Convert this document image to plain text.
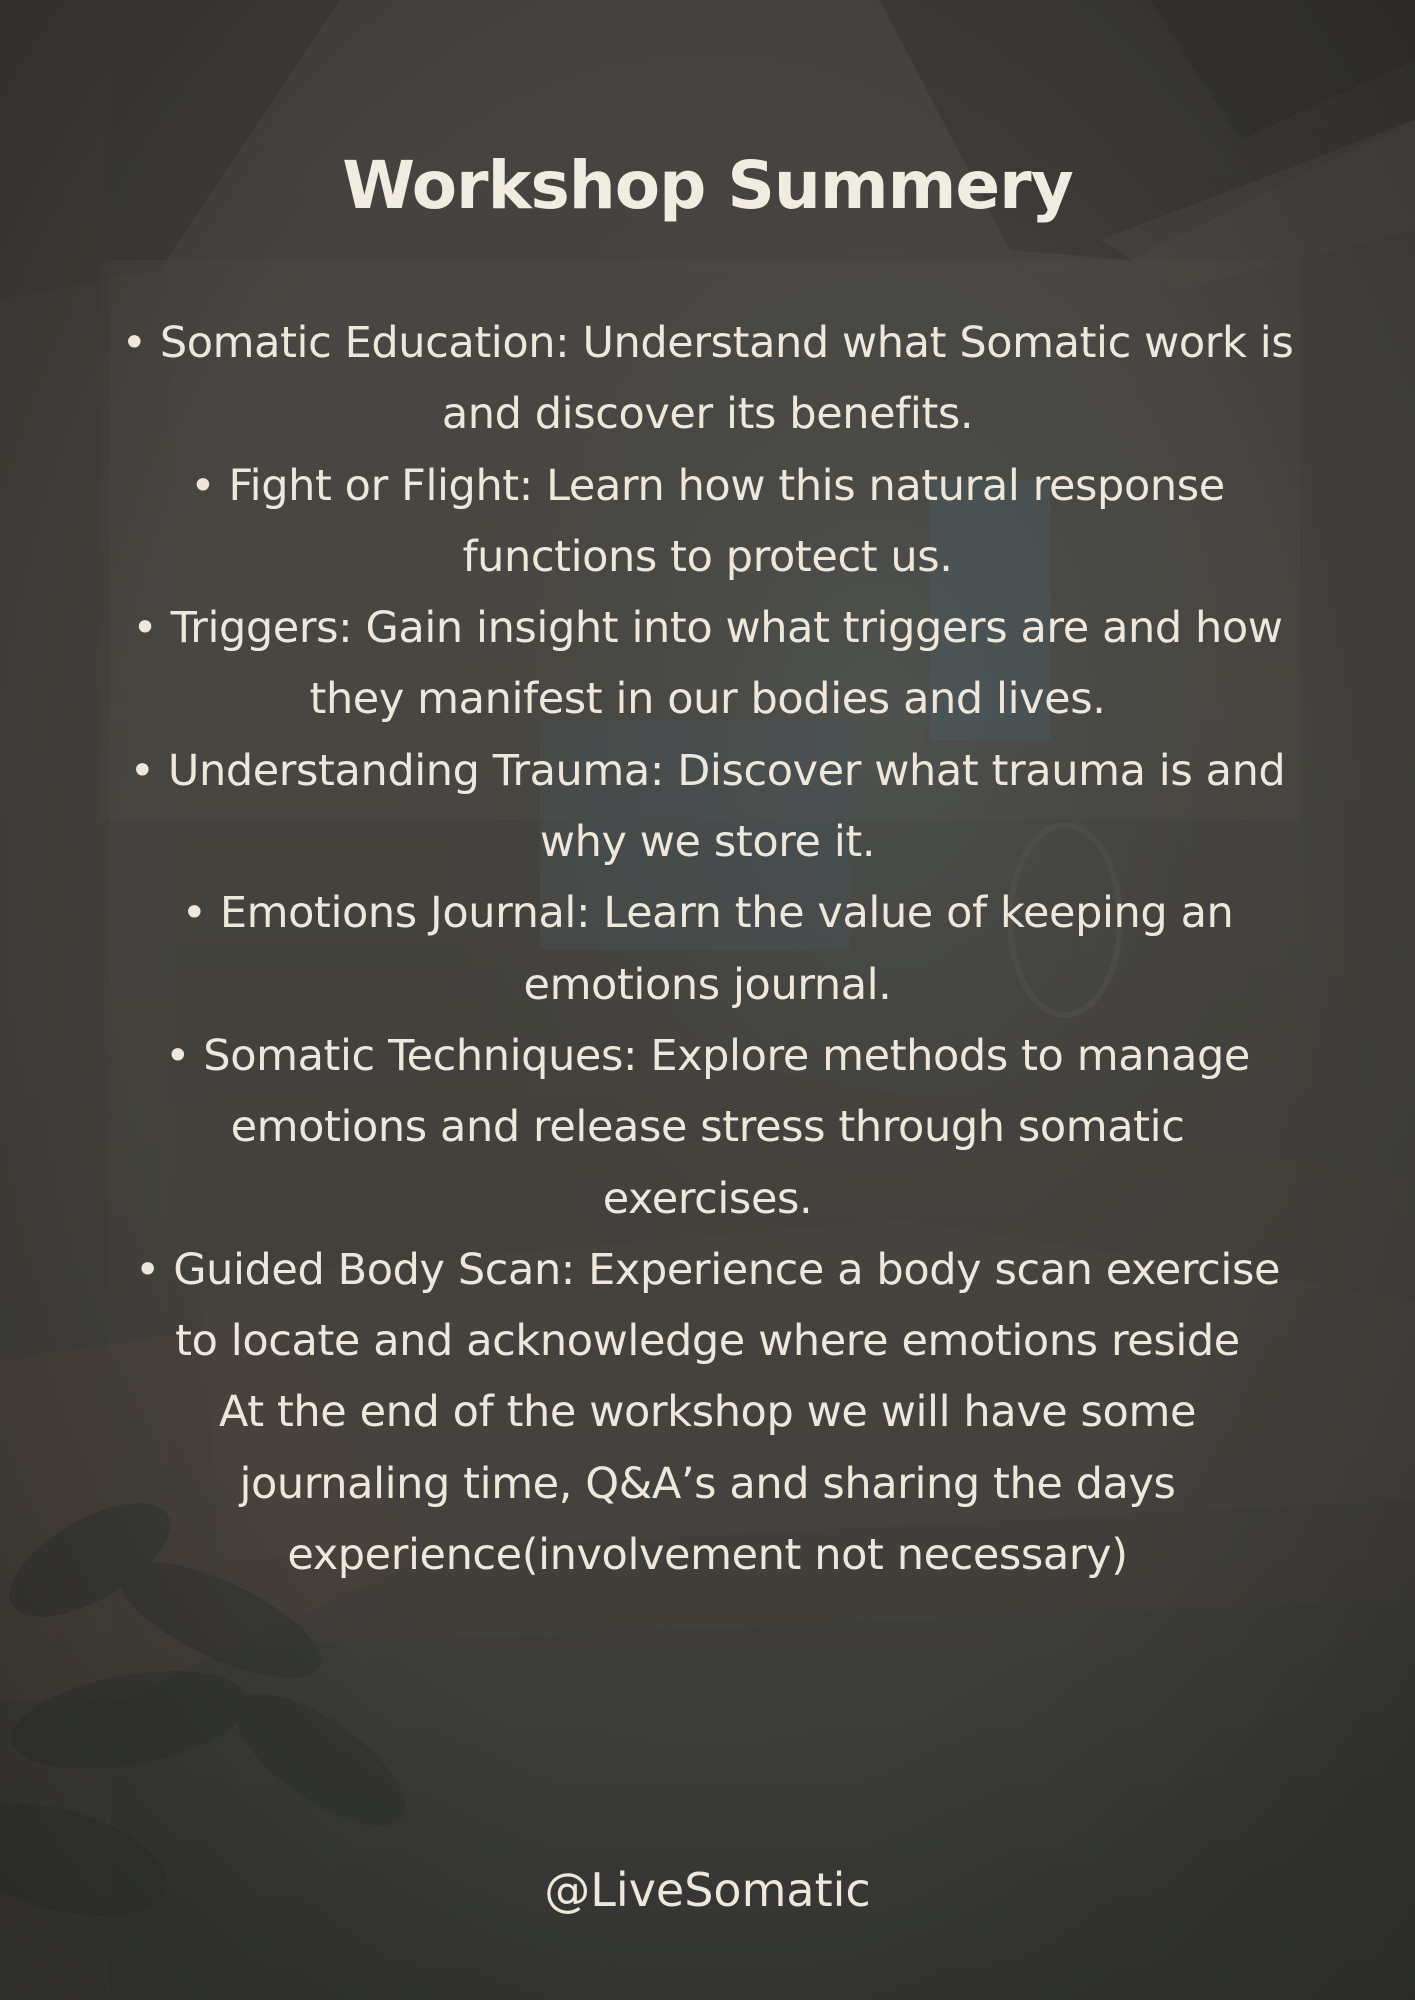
Workshop Summery

• Somatic Education: Understand what Somatic work is and discover its benefits.

• Fight or Flight: Learn how this natural response functions to protect us.

• Triggers: Gain insight into what triggers are and how they manifest in our bodies and lives.

• Understanding Trauma: Discover what trauma is and why we store it.

• Emotions Journal: Learn the value of keeping an emotions journal.

• Somatic Techniques: Explore methods to manage emotions and release stress through somatic exercises.

• Guided Body Scan: Experience a body scan exercise to locate and acknowledge where emotions reside

At the end of the workshop we will have some journaling time, Q&A’s and sharing the days experience(involvement not necessary)

@LiveSomatic
